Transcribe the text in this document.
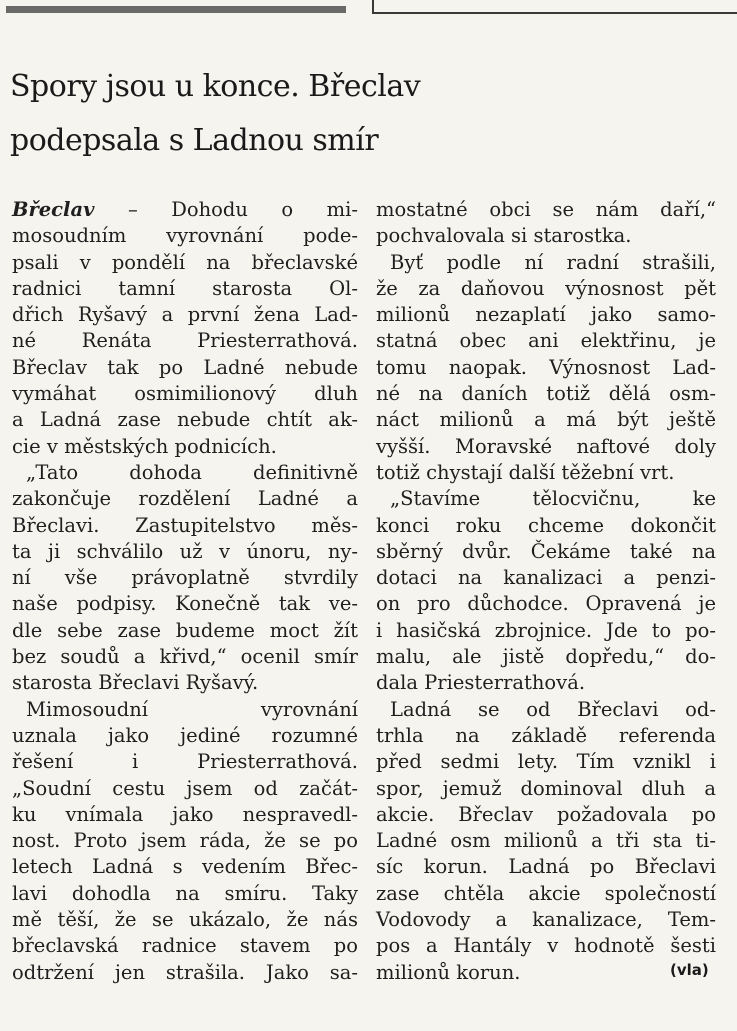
Spory jsou u konce. Břeclav
podepsala s Ladnou smír
Břeclav – Dohodu o mi-
mosoudním vyrovnání pode-
psali v pondělí na břeclavské
radnici tamní starosta Ol-
dřich Ryšavý a první žena Lad-
né Renáta Priesterrathová.
Břeclav tak po Ladné nebude
vymáhat osmimilionový dluh
a Ladná zase nebude chtít ak-
cie v městských podnicích.
„Tato dohoda definitivně
zakončuje rozdělení Ladné a
Břeclavi. Zastupitelstvo měs-
ta ji schválilo už v únoru, ny-
ní vše právoplatně stvrdily
naše podpisy. Konečně tak ve-
dle sebe zase budeme moct žít
bez soudů a křivd,“ ocenil smír
starosta Břeclavi Ryšavý.
Mimosoudní vyrovnání
uznala jako jediné rozumné
řešení i Priesterrathová.
„Soudní cestu jsem od začát-
ku vnímala jako nespravedl-
nost. Proto jsem ráda, že se po
letech Ladná s vedením Břec-
lavi dohodla na smíru. Taky
mě těší, že se ukázalo, že nás
břeclavská radnice stavem po
odtržení jen strašila. Jako sa-
mostatné obci se nám daří,“
pochvalovala si starostka.
Byť podle ní radní strašili,
že za daňovou výnosnost pět
milionů nezaplatí jako samo-
statná obec ani elektřinu, je
tomu naopak. Výnosnost Lad-
né na daních totiž dělá osm-
náct milionů a má být ještě
vyšší. Moravské naftové doly
totiž chystají další těžební vrt.
„Stavíme tělocvičnu, ke
konci roku chceme dokončit
sběrný dvůr. Čekáme také na
dotaci na kanalizaci a penzi-
on pro důchodce. Opravená je
i hasičská zbrojnice. Jde to po-
malu, ale jistě dopředu,“ do-
dala Priesterrathová.
Ladná se od Břeclavi od-
trhla na základě referenda
před sedmi lety. Tím vznikl i
spor, jemuž dominoval dluh a
akcie. Břeclav požadovala po
Ladné osm milionů a tři sta ti-
síc korun. Ladná po Břeclavi
zase chtěla akcie společností
Vodovody a kanalizace, Tem-
pos a Hantály v hodnotě šesti
milionů korun.	(vla)
